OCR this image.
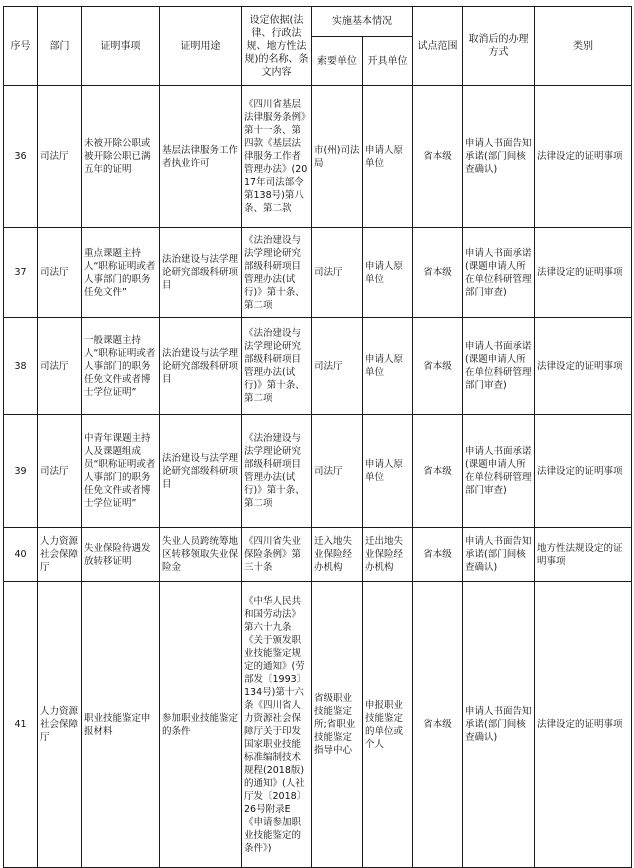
序号	部门	证明事项	证明用途	设定依据(法律、行政法规、地方性法规)的名称、条文内容	实施基本情况		试点范围	取消后的办理方式	类别
					索要单位	开具单位			
36	司法厅	未被开除公职或被开除公职已满五年的证明	基层法律服务工作者执业许可	《四川省基层法律服务条例》第十一条、第四款《基层法律服务工作者管理办法》(2017年司法部令第138号)第八条、第二款	市(州)司法局	申请人原单位	省本级	申请人书面告知承诺(部门间核查确认)	法律设定的证明事项
37	司法厅	重点课题主持人“职称证明或者人事部门的职务任免文件”	法治建设与法学理论研究部级科研项目	《法治建设与法学理论研究部级科研项目管理办法(试行)》第十条、第二项	司法厅	申请人原单位	省本级	申请人书面承诺(课题申请人所在单位科研管理部门审查)	法律设定的证明事项
38	司法厅	一般课题主持人“职称证明或者人事部门的职务任免文件或者博士学位证明”	法治建设与法学理论研究部级科研项目	《法治建设与法学理论研究部级科研项目管理办法(试行)》第十条、第二项	司法厅	申请人原单位	省本级	申请人书面承诺(课题申请人所在单位科研管理部门审查)	法律设定的证明事项
39	司法厅	中青年课题主持人及课题组成员“职称证明或者人事部门的职务任免文件或者博士学位证明”	法治建设与法学理论研究部级科研项目	《法治建设与法学理论研究部级科研项目管理办法(试行)》第十条、第二项	司法厅	申请人原单位	省本级	申请人书面承诺(课题申请人所在单位科研管理部门审查)	法律设定的证明事项
40	人力资源社会保障厅	失业保险待遇发放转移证明	失业人员跨统筹地区转移领取失业保险金	《四川省失业保险条例》第三十条	迁入地失业保险经办机构	迁出地失业保险经办机构	省本级	申请人书面告知承诺(部门间核查确认)	地方性法规设定的证明事项
41	人力资源社会保障厅	职业技能鉴定申报材料	参加职业技能鉴定的条件	《中华人民共和国劳动法》第六十九条《关于颁发职业技能鉴定规定的通知》(劳部发〔1993〕134号)第十六条《四川省人力资源社会保障厅关于印发国家职业技能标准编制技术规程(2018版)的通知》(人社厅发〔2018〕26号附录E《申请参加职业技能鉴定的条件》)	省级职业技能鉴定所;省职业技能鉴定指导中心	申报职业技能鉴定的单位或个人	省本级	申请人书面告知承诺(部门间核查确认)	法律设定的证明事项
